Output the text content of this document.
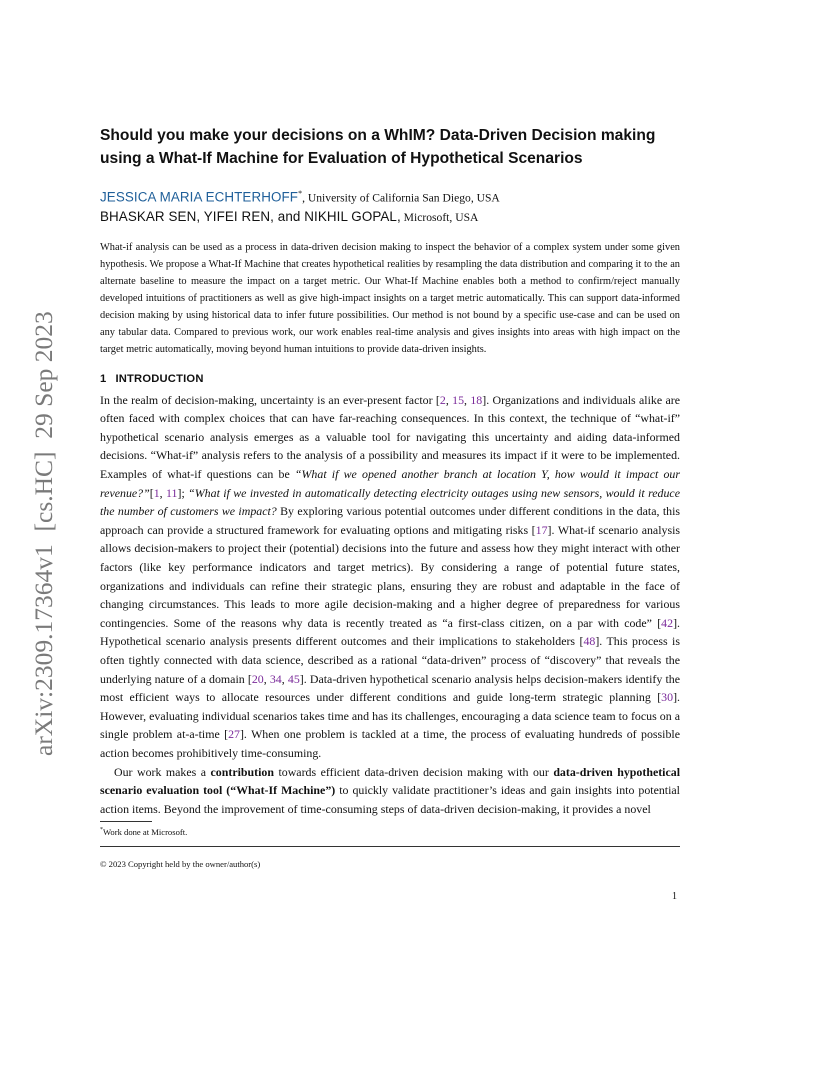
arXiv:2309.17364v1  [cs.HC]  29 Sep 2023
Should you make your decisions on a WhIM? Data-Driven Decision making using a What-If Machine for Evaluation of Hypothetical Scenarios

JESSICA MARIA ECHTERHOFF*, University of California San Diego, USA

BHASKAR SEN, YIFEI REN, and NIKHIL GOPAL, Microsoft, USA

What-if analysis can be used as a process in data-driven decision making to inspect the behavior of a complex system under some given hypothesis. We propose a What-If Machine that creates hypothetical realities by resampling the data distribution and comparing it to the an alternate baseline to measure the impact on a target metric. Our What-If Machine enables both a method to confirm/reject manually developed intuitions of practitioners as well as give high-impact insights on a target metric automatically. This can support data-informed decision making by using historical data to infer future possibilities. Our method is not bound by a specific use-case and can be used on any tabular data. Compared to previous work, our work enables real-time analysis and gives insights into areas with high impact on the target metric automatically, moving beyond human intuitions to provide data-driven insights.

1 INTRODUCTION

In the realm of decision-making, uncertainty is an ever-present factor [2, 15, 18]. Organizations and individuals alike are often faced with complex choices that can have far-reaching consequences. In this context, the technique of “what-if” hypothetical scenario analysis emerges as a valuable tool for navigating this uncertainty and aiding data-informed decisions. “What-if” analysis refers to the analysis of a possibility and measures its impact if it were to be implemented. Examples of what-if questions can be “What if we opened another branch at location Y, how would it impact our revenue?”[1, 11]; “What if we invested in automatically detecting electricity outages using new sensors, would it reduce the number of customers we impact? By exploring various potential outcomes under different conditions in the data, this approach can provide a structured framework for evaluating options and mitigating risks [17]. What-if scenario analysis allows decision-makers to project their (potential) decisions into the future and assess how they might interact with other factors (like key performance indicators and target metrics). By considering a range of potential future states, organizations and individuals can refine their strategic plans, ensuring they are robust and adaptable in the face of changing circumstances. This leads to more agile decision-making and a higher degree of preparedness for various contingencies. Some of the reasons why data is recently treated as “a first-class citizen, on a par with code” [42]. Hypothetical scenario analysis presents different outcomes and their implications to stakeholders [48]. This process is often tightly connected with data science, described as a rational “data-driven” process of “discovery” that reveals the underlying nature of a domain [20, 34, 45]. Data-driven hypothetical scenario analysis helps decision-makers identify the most efficient ways to allocate resources under different conditions and guide long-term strategic planning [30]. However, evaluating individual scenarios takes time and has its challenges, encouraging a data science team to focus on a single problem at-a-time [27]. When one problem is tackled at a time, the process of evaluating hundreds of possible action becomes prohibitively time-consuming.

Our work makes a contribution towards efficient data-driven decision making with our data-driven hypothetical scenario evaluation tool (“What-If Machine”) to quickly validate practitioner’s ideas and gain insights into potential action items. Beyond the improvement of time-consuming steps of data-driven decision-making, it provides a novel

*Work done at Microsoft.

© 2023 Copyright held by the owner/author(s)

1
